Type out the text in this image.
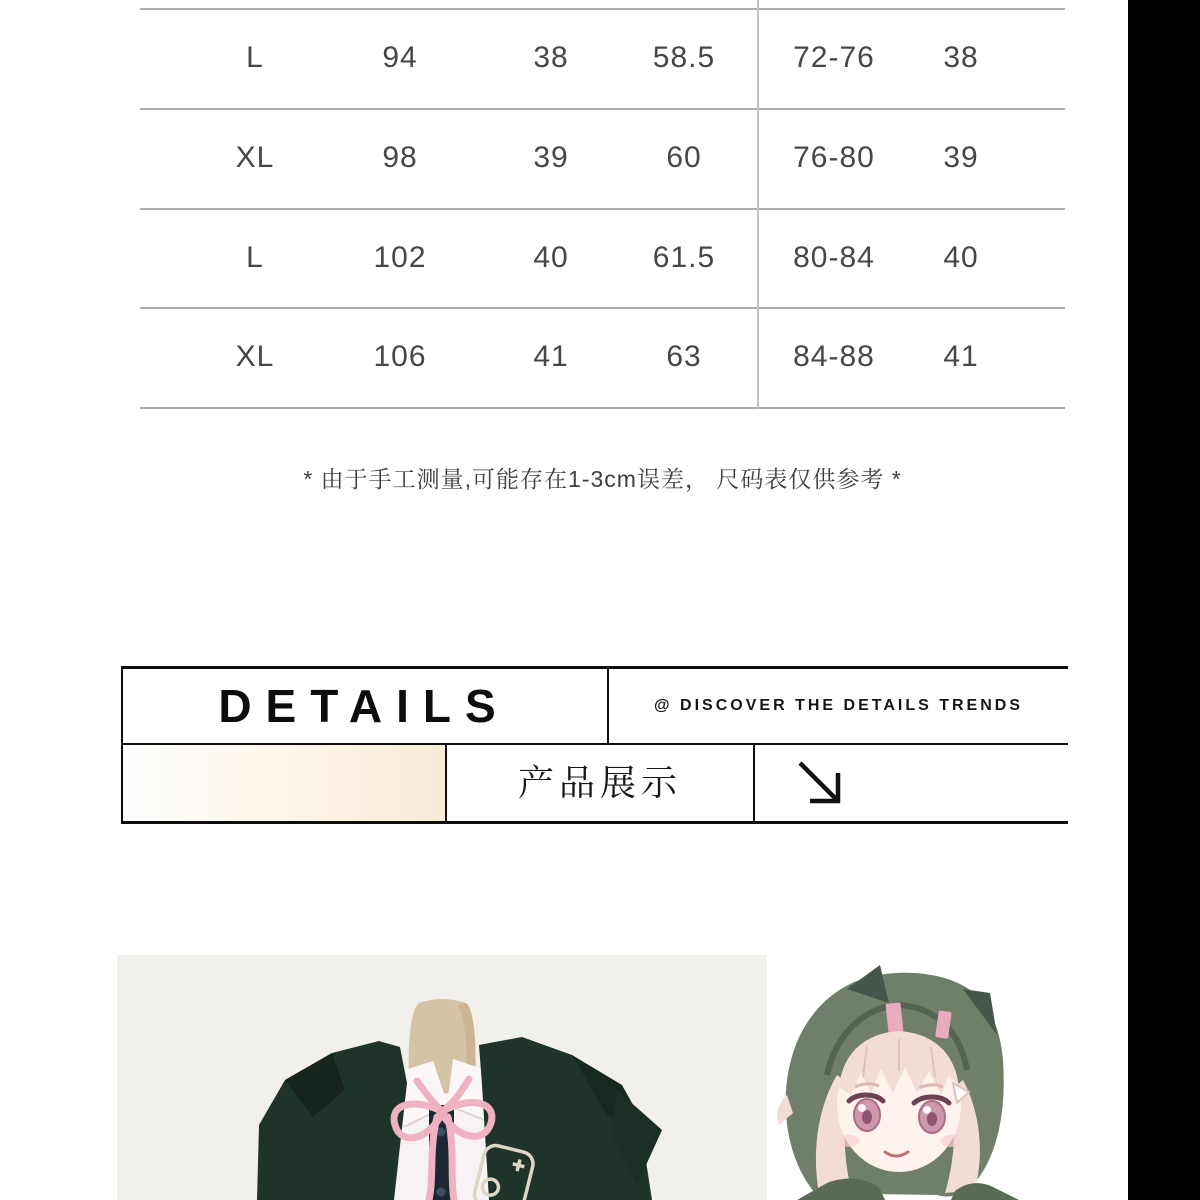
L	94	38	58.5	72-76	38
XL	98	39	60	76-80	39
L	102	40	61.5	80-84	40
XL	106	41	63	84-88	41
* 由于手工测量,可能存在1-3cm误差， 尺码表仅供参考 *
DETAILS	@ DISCOVER THE DETAILS TRENDS
产品展示
